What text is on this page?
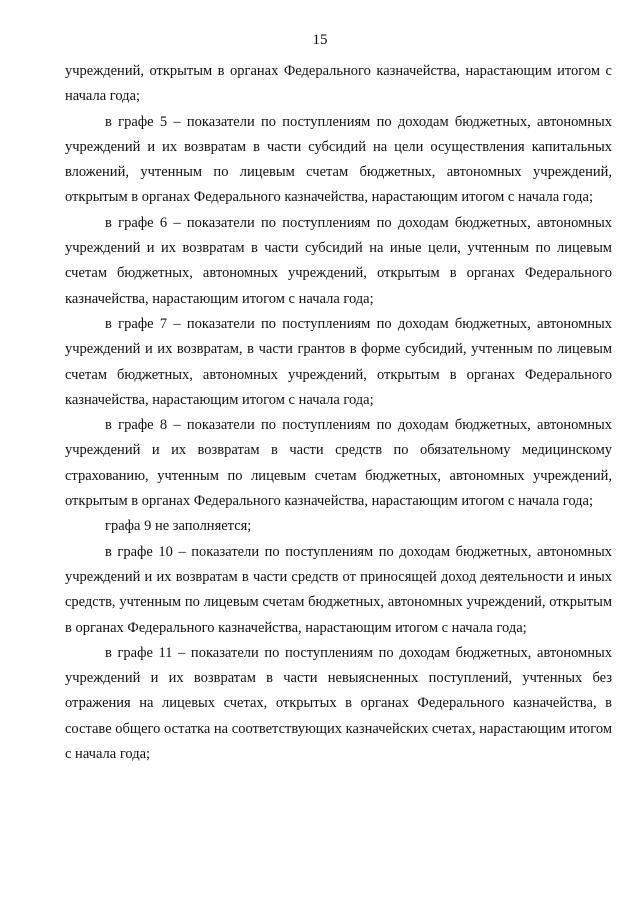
15

учреждений, открытым в органах Федерального казначейства, нарастающим итогом с начала года;

в графе 5 – показатели по поступлениям по доходам бюджетных, автономных учреждений и их возвратам в части субсидий на цели осуществления капитальных вложений, учтенным по лицевым счетам бюджетных, автономных учреждений, открытым в органах Федерального казначейства, нарастающим итогом с начала года;

в графе 6 – показатели по поступлениям по доходам бюджетных, автономных учреждений и их возвратам в части субсидий на иные цели, учтенным по лицевым счетам бюджетных, автономных учреждений, открытым в органах Федерального казначейства, нарастающим итогом с начала года;

в графе 7 – показатели по поступлениям по доходам бюджетных, автономных учреждений и их возвратам, в части грантов в форме субсидий, учтенным по лицевым счетам бюджетных, автономных учреждений, открытым в органах Федерального казначейства, нарастающим итогом с начала года;

в графе 8 – показатели по поступлениям по доходам бюджетных, автономных учреждений и их возвратам в части средств по обязательному медицинскому страхованию, учтенным по лицевым счетам бюджетных, автономных учреждений, открытым в органах Федерального казначейства, нарастающим итогом с начала года;

графа 9 не заполняется;

в графе 10 – показатели по поступлениям по доходам бюджетных, автономных учреждений и их возвратам в части средств от приносящей доход деятельности и иных средств, учтенным по лицевым счетам бюджетных, автономных учреждений, открытым в органах Федерального казначейства, нарастающим итогом с начала года;

в графе 11 – показатели по поступлениям по доходам бюджетных, автономных учреждений и их возвратам в части невыясненных поступлений, учтенных без отражения на лицевых счетах, открытых в органах Федерального казначейства, в составе общего остатка на соответствующих казначейских счетах, нарастающим итогом с начала года;
